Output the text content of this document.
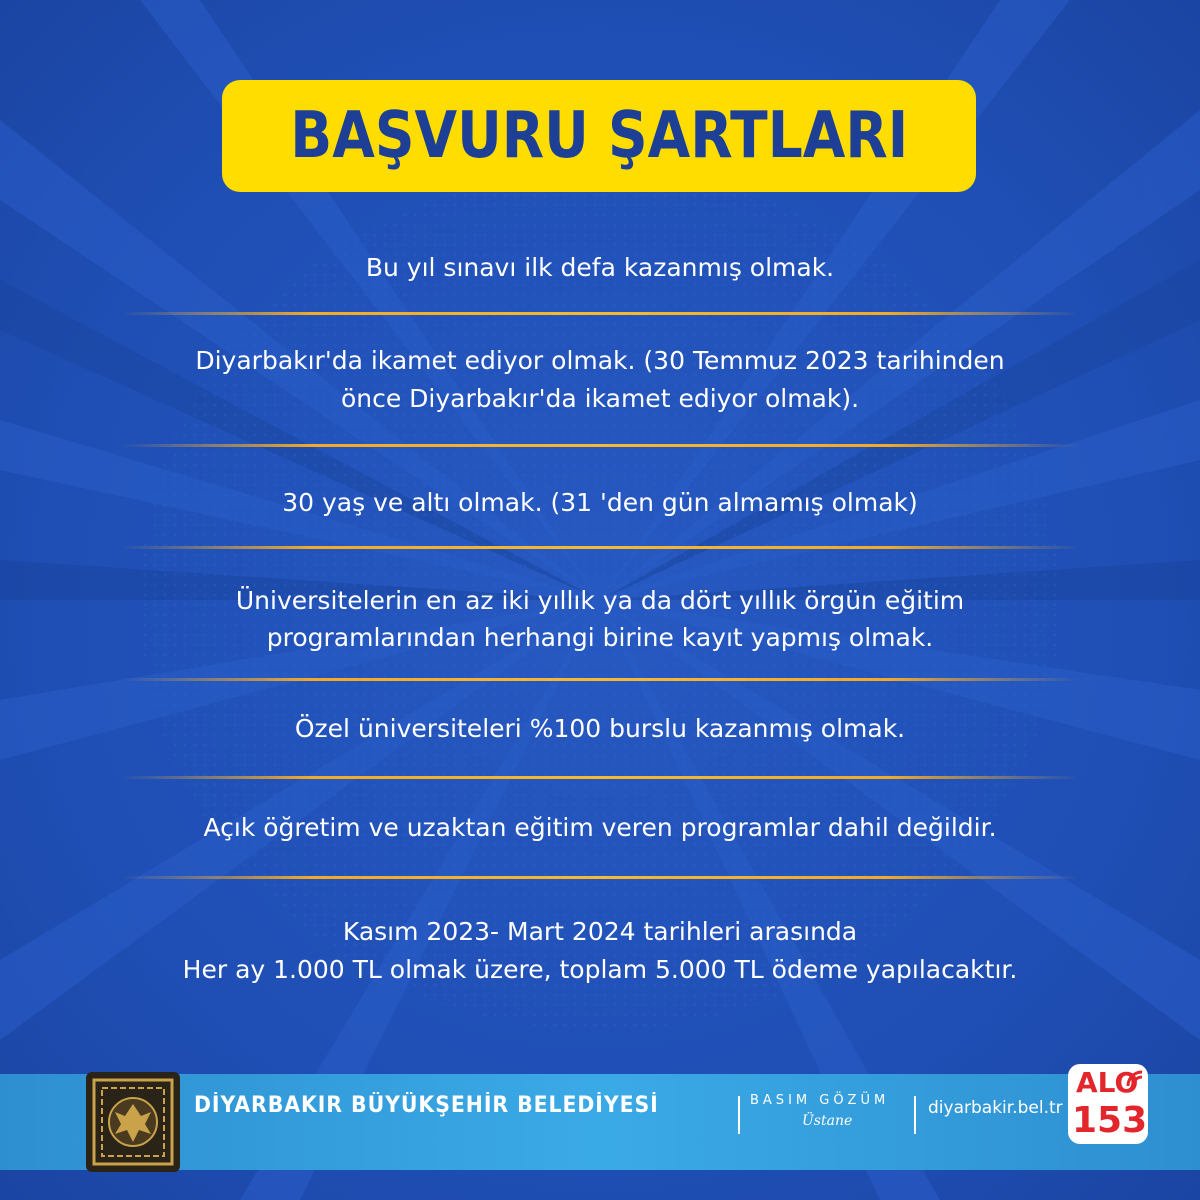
BAŞVURU ŞARTLARI
Bu yıl sınavı ilk defa kazanmış olmak.
Diyarbakır'da ikamet ediyor olmak. (30 Temmuz 2023 tarihinden
önce Diyarbakır'da ikamet ediyor olmak).
30 yaş ve altı olmak. (31 'den gün almamış olmak)
Üniversitelerin en az iki yıllık ya da dört yıllık örgün eğitim
programlarından herhangi birine kayıt yapmış olmak.
Özel üniversiteleri %100 burslu kazanmış olmak.
Açık öğretim ve uzaktan eğitim veren programlar dahil değildir.
Kasım 2023- Mart 2024 tarihleri arasında
Her ay 1.000 TL olmak üzere, toplam 5.000 TL ödeme yapılacaktır.
DİYARBAKIR BÜYÜKŞEHİR BELEDİYESİ	BASIM GÖZÜM
Üstane
diyarbakir.bel.tr
ALO
153
